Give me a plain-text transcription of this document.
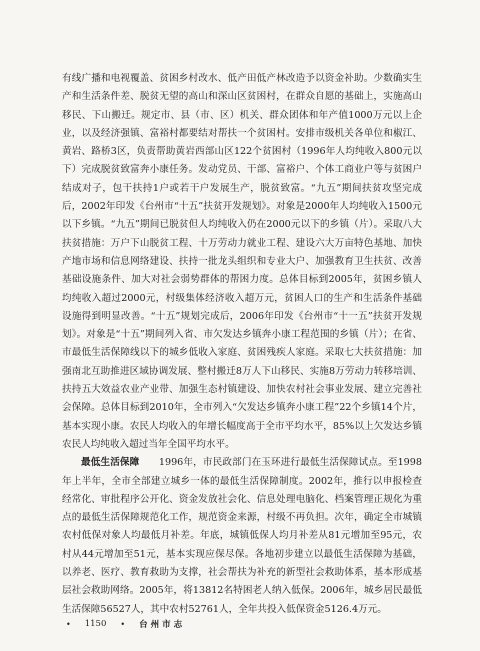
有线广播和电视覆盖、贫困乡村改水、低产田低产林改造予以资金补助。少数确实生产和生活条件差、脱贫无望的高山和深山区贫困村，在群众自愿的基础上，实施高山移民、下山搬迁。规定市、县（市、区）机关、群众团体和年产值1000万元以上企业，以及经济强镇、富裕村都要结对帮扶一个贫困村。安排市级机关各单位和椒江、黄岩、路桥3区，负责帮助黄岩西部山区122个贫困村（1996年人均纯收入800元以下）完成脱贫致富奔小康任务。发动党员、干部、富裕户、个体工商业户等与贫困户结成对子，包干扶持1户或若干户发展生产，脱贫致富。“九五”期间扶贫攻坚完成后，2002年印发《台州市“十五”扶贫开发规划》。对象是2000年人均纯收入1500元以下乡镇。“九五”期间已脱贫但人均纯收入仍在2000元以下的乡镇（片）。采取八大扶贫措施：万户下山脱贫工程、十万劳动力就业工程、建设六大万亩特色基地、加快产地市场和信息网络建设、扶持一批龙头组织和专业大户、加强教育卫生扶贫、改善基础设施条件、加大对社会弱势群体的帮困力度。总体目标到2005年，贫困乡镇人均纯收入超过2000元，村级集体经济收入超万元，贫困人口的生产和生活条件基础设施得到明显改善。“十五”规划完成后，2006年印发《台州市“十一五”扶贫开发规划》。对象是“十五”期间列入省、市欠发达乡镇奔小康工程范围的乡镇（片）；在省、市最低生活保障线以下的城乡低收入家庭、贫困残疾人家庭。采取七大扶贫措施：加强南北互助推进区域协调发展、整村搬迁8万人下山移民、实施8万劳动力转移培训、扶持五大效益农业产业带、加强生态村镇建设、加快农村社会事业发展、建立完善社会保障。总体目标到2010年，全市列入“欠发达乡镇奔小康工程”22个乡镇14个片，基本实现小康。农民人均收入的年增长幅度高于全市平均水平，85%以上欠发达乡镇农民人均纯收入超过当年全国平均水平。

最低生活保障　　1996年，市民政部门在玉环进行最低生活保障试点。至1998年上半年，全市全部建立城乡一体的最低生活保障制度。2002年，推行以申报检查经常化、审批程序公开化、资金发放社会化、信息处理电脑化、档案管理正规化为重点的最低生活保障规范化工作，规范资金来源，村级不再负担。次年，确定全市城镇农村低保对象人均最低月补差。年底，城镇低保人均月补差从81元增加至95元，农村从44元增加至51元，基本实现应保尽保。各地初步建立以最低生活保障为基础，以养老、医疗、教育救助为支撑，社会帮扶为补充的新型社会救助体系，基本形成基层社会救助网络。2005年，将13812名特困老人纳入低保。2006年，城乡居民最低生活保障56527人，其中农村52761人，全年共投入低保资金5126.4万元。

• 1150 • 台州市志
